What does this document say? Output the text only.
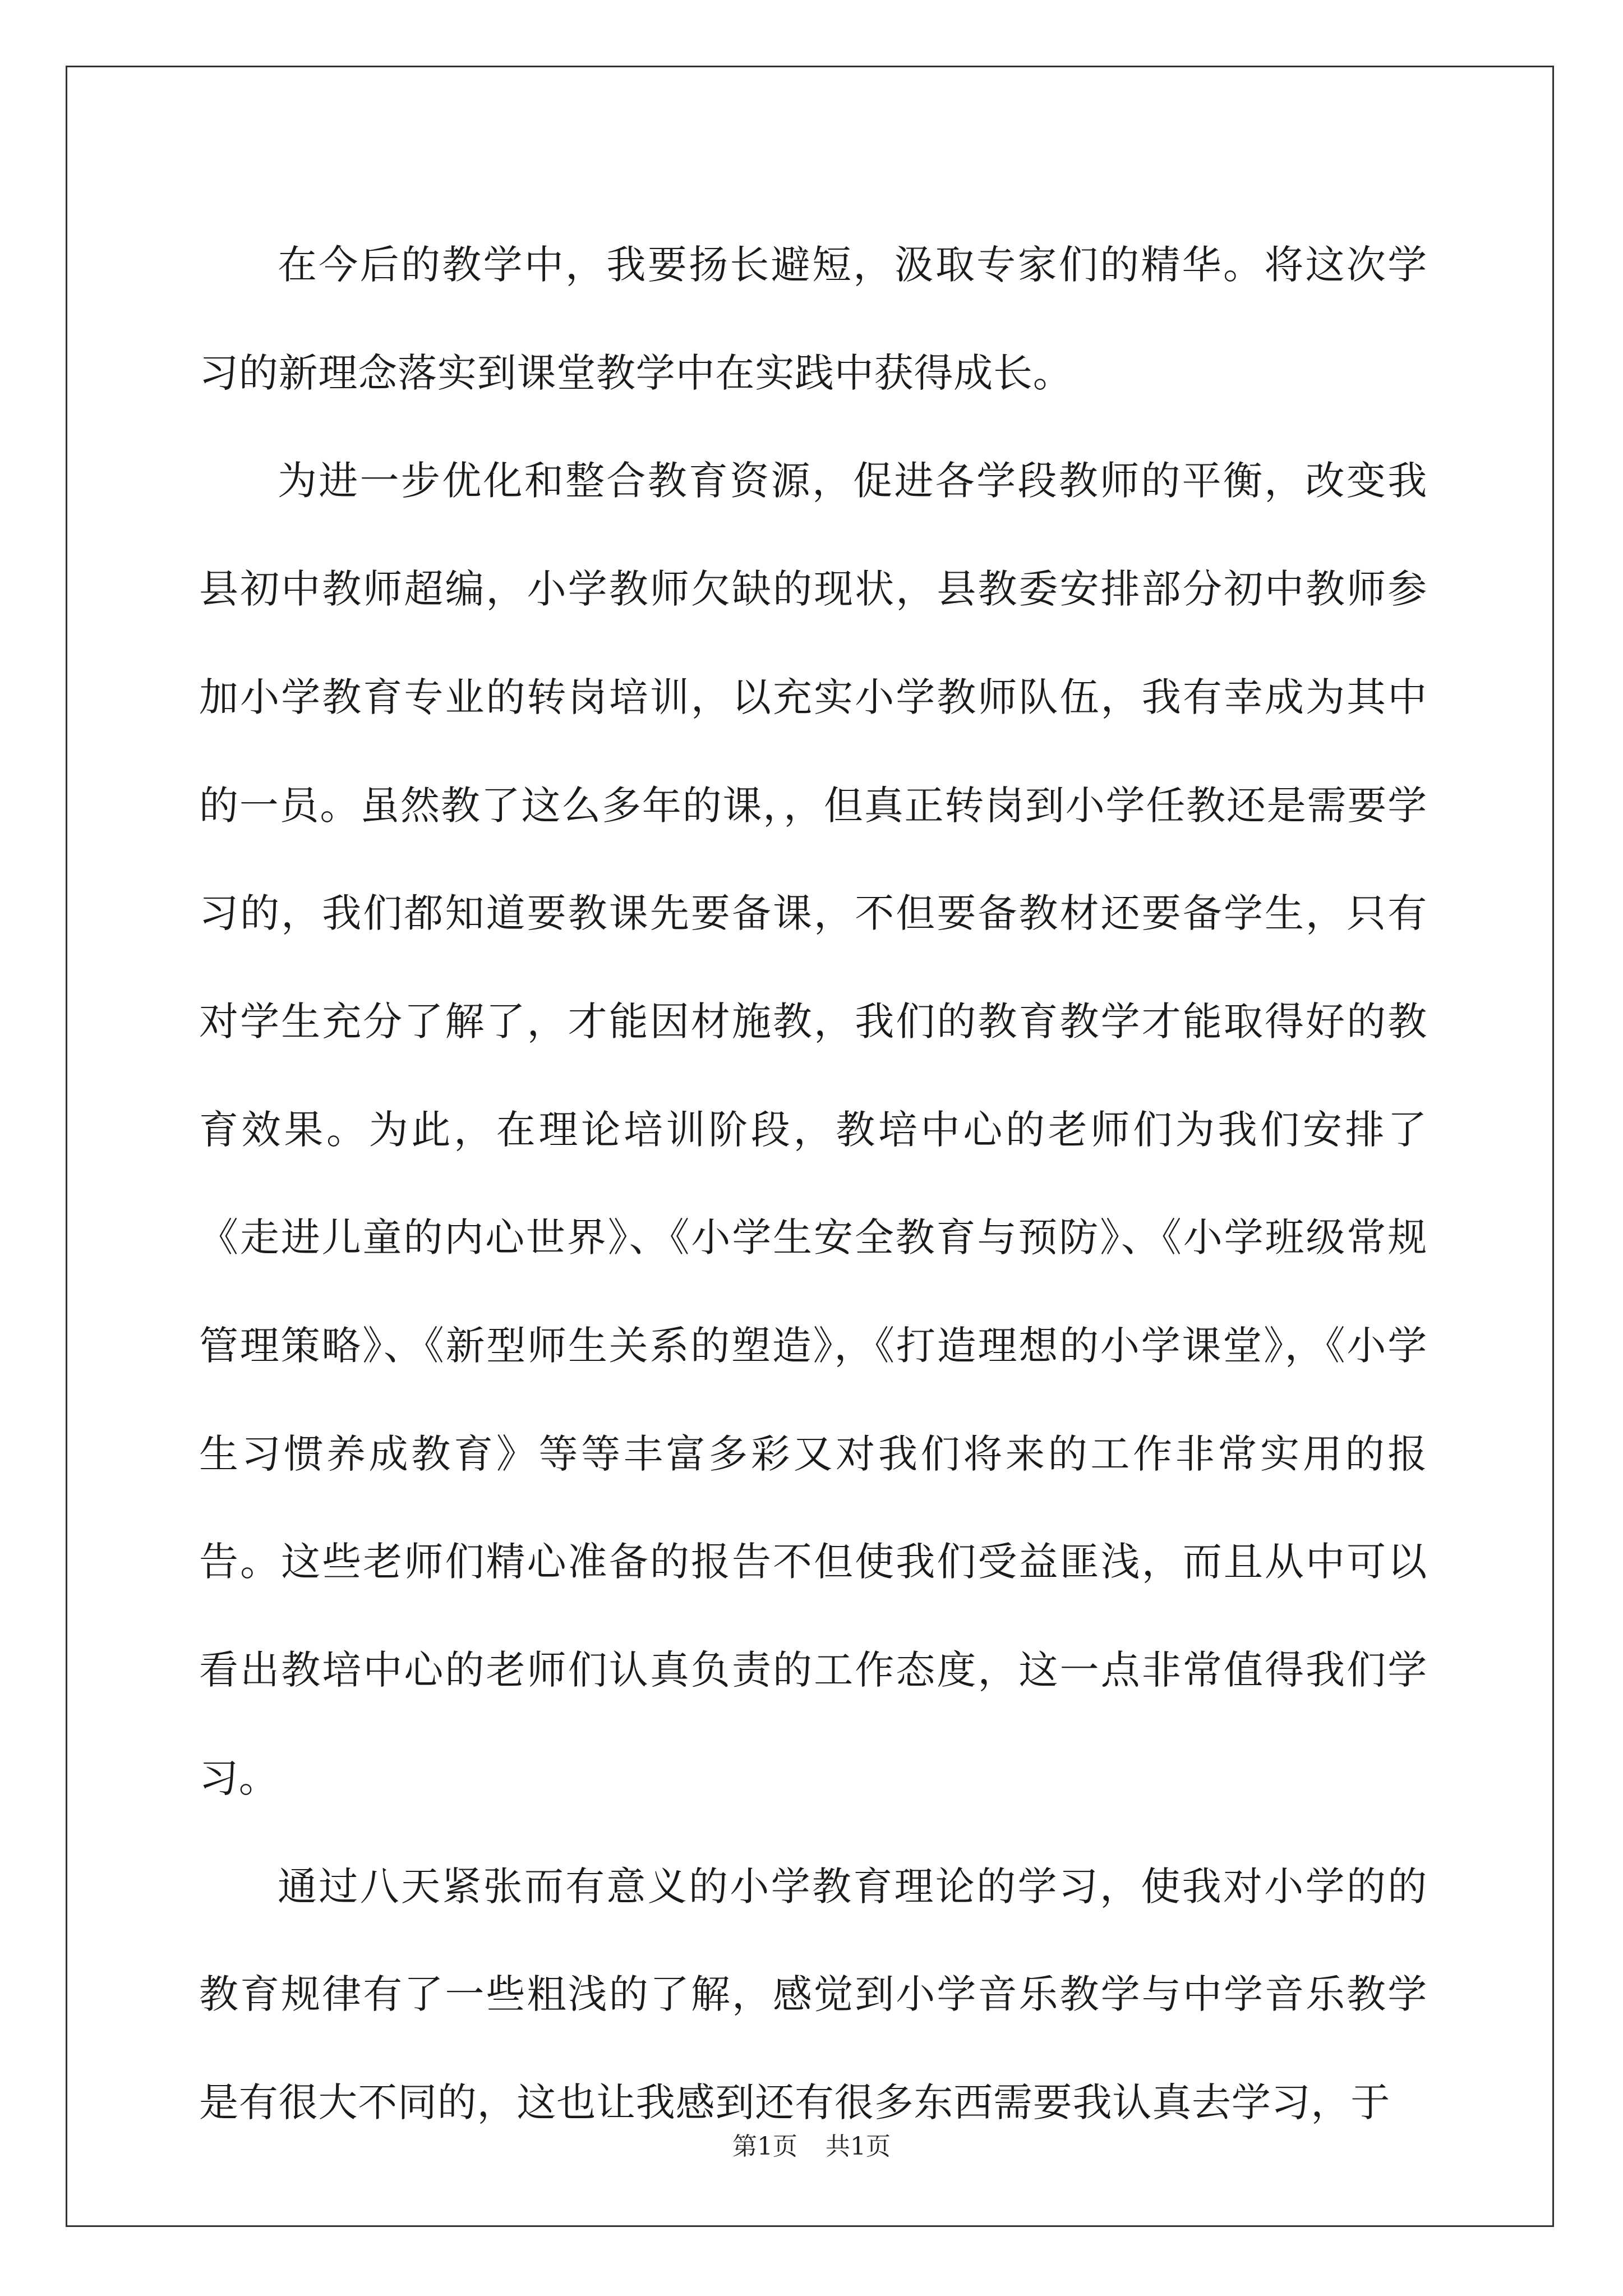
在今后的教学中，我要扬长避短，汲取专家们的精华。将这次学习的新理念落实到课堂教学中在实践中获得成长。

为进一步优化和整合教育资源，促进各学段教师的平衡，改变我县初中教师超编，小学教师欠缺的现状，县教委安排部分初中教师参加小学教育专业的转岗培训，以充实小学教师队伍，我有幸成为其中的一员。虽然教了这么多年的课，，但真正转岗到小学任教还是需要学习的，我们都知道要教课先要备课，不但要备教材还要备学生，只有对学生充分了解了，才能因材施教，我们的教育教学才能取得好的教育效果。为此，在理论培训阶段，教培中心的老师们为我们安排了《走进儿童的内心世界》、《小学生安全教育与预防》、《小学班级常规管理策略》、《新型师生关系的塑造》，《打造理想的小学课堂》，《小学生习惯养成教育》等等丰富多彩又对我们将来的工作非常实用的报告。这些老师们精心准备的报告不但使我们受益匪浅，而且从中可以看出教培中心的老师们认真负责的工作态度，这一点非常值得我们学习。

通过八天紧张而有意义的小学教育理论的学习，使我对小学的的教育规律有了一些粗浅的了解，感觉到小学音乐教学与中学音乐教学是有很大不同的，这也让我感到还有很多东西需要我认真去学习，于

第1页 共1页
